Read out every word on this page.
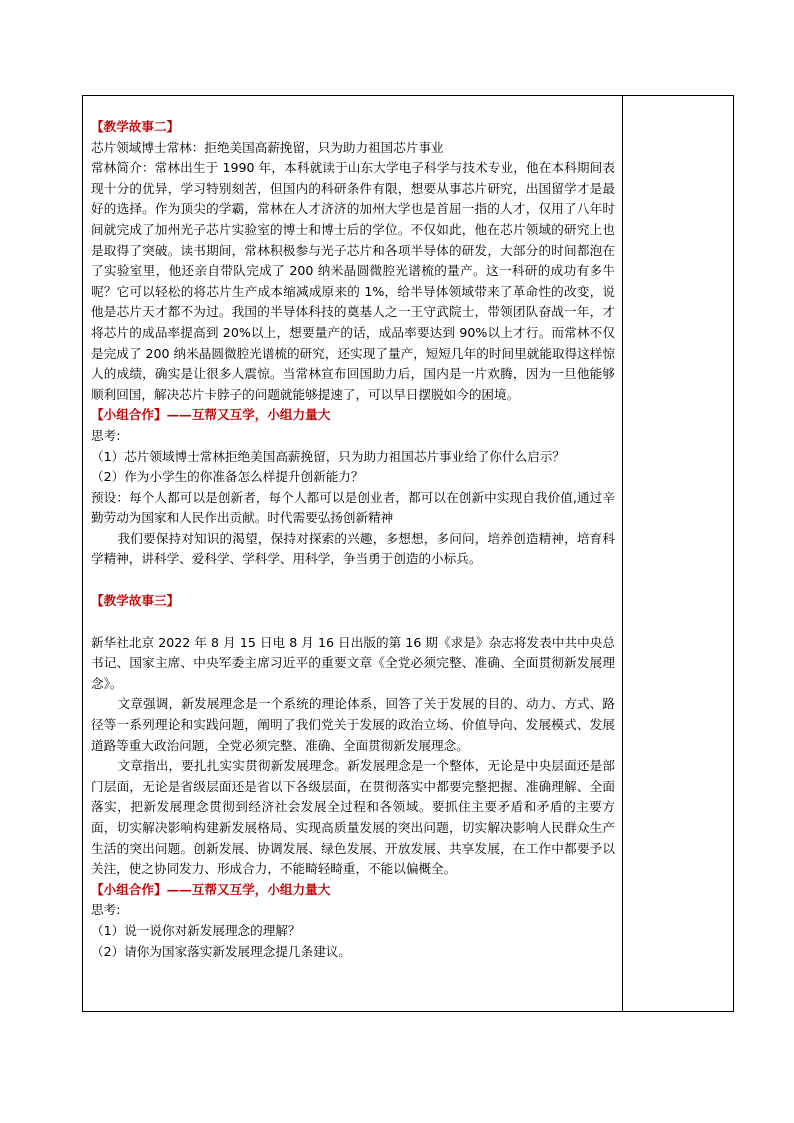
【教学故事二】

芯片领域博士常林：拒绝美国高薪挽留，只为助力祖国芯片事业

常林简介：常林出生于 1990 年，本科就读于山东大学电子科学与技术专业，他在本科期间表现十分的优异，学习特别刻苦，但国内的科研条件有限，想要从事芯片研究，出国留学才是最好的选择。作为顶尖的学霸，常林在人才济济的加州大学也是首屈一指的人才，仅用了八年时间就完成了加州光子芯片实验室的博士和博士后的学位。不仅如此，他在芯片领域的研究上也是取得了突破。读书期间，常林积极参与光子芯片和各项半导体的研发，大部分的时间都泡在了实验室里，他还亲自带队完成了 200 纳米晶圆微腔光谱梳的量产。这一科研的成功有多牛呢？它可以轻松的将芯片生产成本缩减成原来的 1%，给半导体领域带来了革命性的改变，说他是芯片天才都不为过。我国的半导体科技的奠基人之一王守武院士，带领团队奋战一年，才将芯片的成品率提高到 20%以上，想要量产的话，成品率要达到 90%以上才行。而常林不仅是完成了 200 纳米晶圆微腔光谱梳的研究，还实现了量产，短短几年的时间里就能取得这样惊人的成绩，确实是让很多人震惊。当常林宣布回国助力后，国内是一片欢腾，因为一旦他能够顺利回国，解决芯片卡脖子的问题就能够提速了，可以早日摆脱如今的困境。

【小组合作】——互帮又互学，小组力量大

思考:

（1）芯片领域博士常林拒绝美国高薪挽留，只为助力祖国芯片事业给了你什么启示？

（2）作为小学生的你准备怎么样提升创新能力？

预设：每个人都可以是创新者，每个人都可以是创业者，都可以在创新中实现自我价值,通过辛勤劳动为国家和人民作出贡献。时代需要弘扬创新精神

我们要保持对知识的渴望，保持对探索的兴趣，多想想，多问问，培养创造精神，培育科学精神，讲科学、爱科学、学科学、用科学，争当勇于创造的小标兵。

【教学故事三】

新华社北京 2022 年 8 月 15 日电 8 月 16 日出版的第 16 期《求是》杂志将发表中共中央总书记、国家主席、中央军委主席习近平的重要文章《全党必须完整、准确、全面贯彻新发展理念》。

文章强调，新发展理念是一个系统的理论体系，回答了关于发展的目的、动力、方式、路径等一系列理论和实践问题，阐明了我们党关于发展的政治立场、价值导向、发展模式、发展道路等重大政治问题，全党必须完整、准确、全面贯彻新发展理念。

文章指出，要扎扎实实贯彻新发展理念。新发展理念是一个整体，无论是中央层面还是部门层面，无论是省级层面还是省以下各级层面，在贯彻落实中都要完整把握、准确理解、全面落实，把新发展理念贯彻到经济社会发展全过程和各领域。要抓住主要矛盾和矛盾的主要方面，切实解决影响构建新发展格局、实现高质量发展的突出问题，切实解决影响人民群众生产生活的突出问题。创新发展、协调发展、绿色发展、开放发展、共享发展，在工作中都要予以关注，使之协同发力、形成合力，不能畸轻畸重，不能以偏概全。

【小组合作】——互帮又互学，小组力量大

思考:

（1）说一说你对新发展理念的理解？

（2）请你为国家落实新发展理念提几条建议。
